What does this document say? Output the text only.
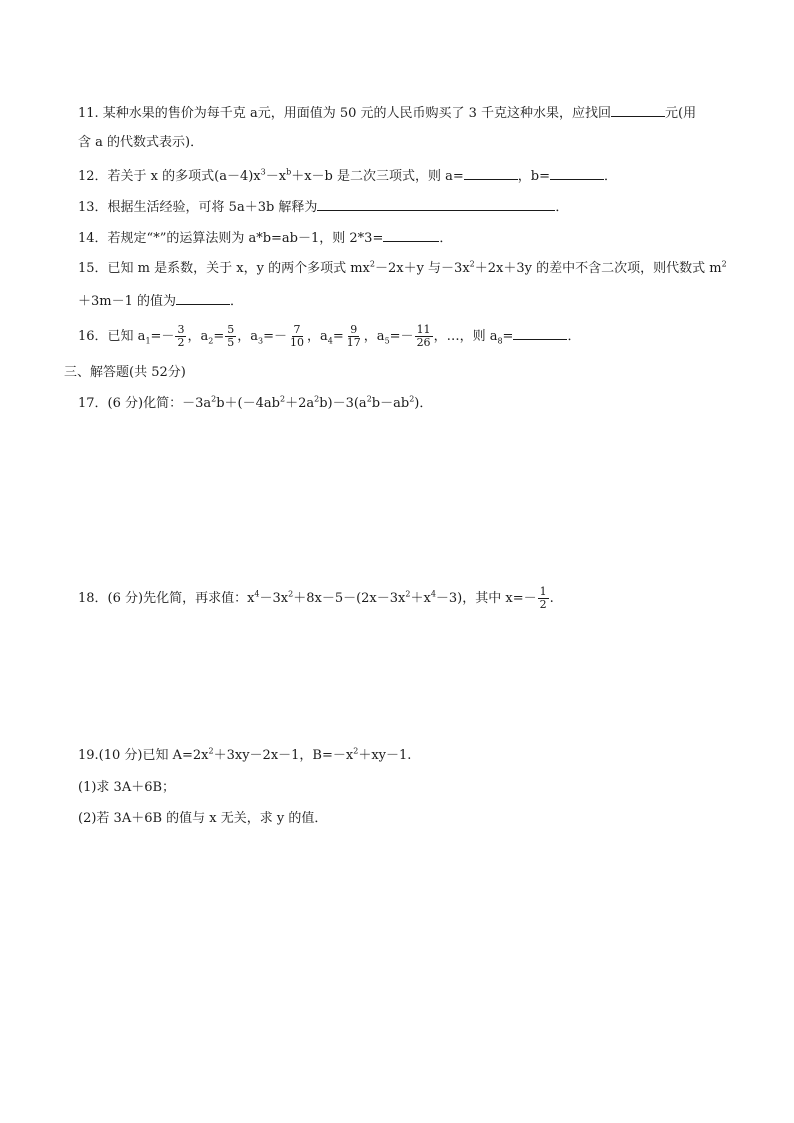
11. 某种水果的售价为每千克 a元，用面值为 50 元的人民币购买了 3 千克这种水果，应找回	元(用
含 a 的代数式表示)．
12．若关于 x 的多项式$(a-4)x^3-x^b+x-b$ 是二次三项式，则 a=	，b=	．
13．根据生活经验，可将 5a＋3b 解释为	．
14．若规定“*”的运算法则为 a*b=ab－1，则 2*3=	．
15．已知 m 是系数，关于 x，y 的两个多项式 $mx^2-2x+y$ 与$-3x^2+2x+3y$ 的差中不含二次项，则代数式 $m^2$
＋3m－1 的值为	．
16．已知 $a_1=- \frac{3}{2}$ ，$a_2= \frac{5}{5}$ ，$a_3=- \frac{7}{10}$ ，$a_4= \frac{9}{17}$ ，$a_5=- \frac{11}{26}$ ，…，则 $a_8=$	．
三、解答题(共 52分)
17．(6 分)化简：$-3a^2b+(-4ab^2+2a^2b)-3(a^2b-ab^2)$．
18．(6 分)先化简，再求值：$x^4-3x^2+8x-5-(2x-3x^2+x^4-3)$，其中 $x=- \frac{1}{2}$ .
19.(10 分)已知 $A=2x^2+3xy-2x-1$，$B=-x^2+xy-1$.
(1)求 3A＋6B；
(2)若 3A＋6B 的值与 x 无关，求 y 的值．
